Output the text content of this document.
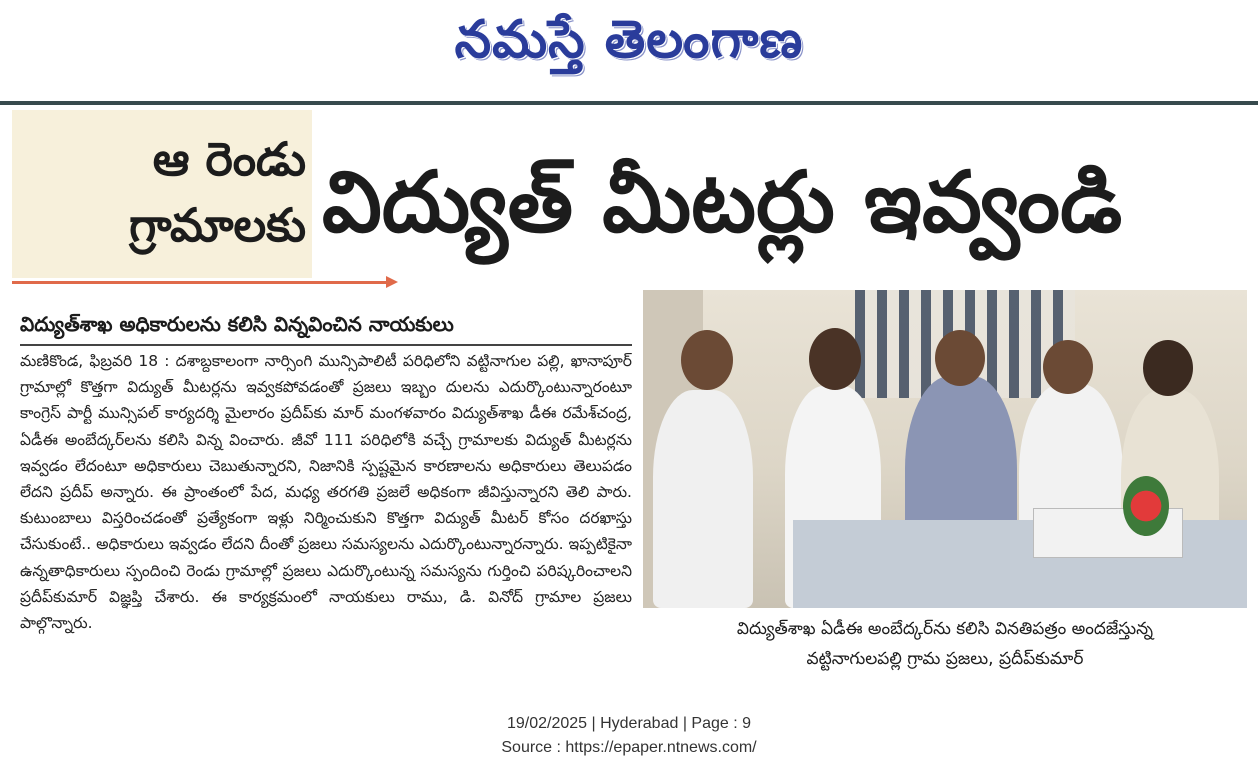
నమస్తే తెలంగాణ
ఆ రెండు
గ్రామాలకు విద్యుత్ మీటర్లు ఇవ్వండి
విద్యుత్‌శాఖ అధికారులను కలిసి విన్నవించిన నాయకులు
మణికొండ, ఫిబ్రవరి 18 : దశాబ్దకాలంగా నార్సింగి మున్సిపాలిటీ పరిధిలోని వట్టినాగుల పల్లి, ఖానాపూర్ గ్రామాల్లో కొత్తగా విద్యుత్ మీటర్లను ఇవ్వకపోవడంతో ప్రజలు ఇబ్బం దులను ఎదుర్కొంటున్నారంటూ కాంగ్రెస్ పార్టీ మున్సిపల్ కార్యదర్శి మైలారం ప్రదీప్‌కు మార్ మంగళవారం విద్యుత్‌శాఖ డీఈ రమేశ్‌చంద్ర, ఏడీఈ అంబేద్కర్‌లను కలిసి విన్న వించారు. జీవో 111 పరిధిలోకి వచ్చే గ్రామాలకు విద్యుత్ మీటర్లను ఇవ్వడం లేదంటూ అధికారులు చెబుతున్నారని, నిజానికి స్పష్టమైన కారణాలను అధికారులు తెలుపడం లేదని ప్రదీప్ అన్నారు. ఈ ప్రాంతంలో పేద, మధ్య తరగతి ప్రజలే అధికంగా జీవిస్తున్నారని తెలి పారు. కుటుంబాలు విస్తరించడంతో ప్రత్యేకంగా ఇళ్లు నిర్మించుకుని కొత్తగా విద్యుత్ మీటర్ కోసం దరఖాస్తు చేసుకుంటే.. అధికారులు ఇవ్వడం లేదని దీంతో ప్రజలు సమస్యలను ఎదుర్కొంటున్నారన్నారు. ఇప్పటికైనా ఉన్నతాధికారులు స్పందించి రెండు గ్రామాల్లో ప్రజలు ఎదుర్కొంటున్న సమస్యను గుర్తించి పరిష్కరించాలని ప్రదీప్‌కుమార్ విజ్ఞప్తి చేశారు. ఈ కార్యక్రమంలో నాయకులు రాము, డి. వినోద్ గ్రామాల ప్రజలు పాల్గొన్నారు.	విద్యుత్‌శాఖ ఏడీఈ అంబేద్కర్‌ను కలిసి వినతిపత్రం అందజేస్తున్న
వట్టినాగులపల్లి గ్రామ ప్రజలు, ప్రదీప్‌కుమార్
19/02/2025 | Hyderabad | Page : 9
Source : https://epaper.ntnews.com/
